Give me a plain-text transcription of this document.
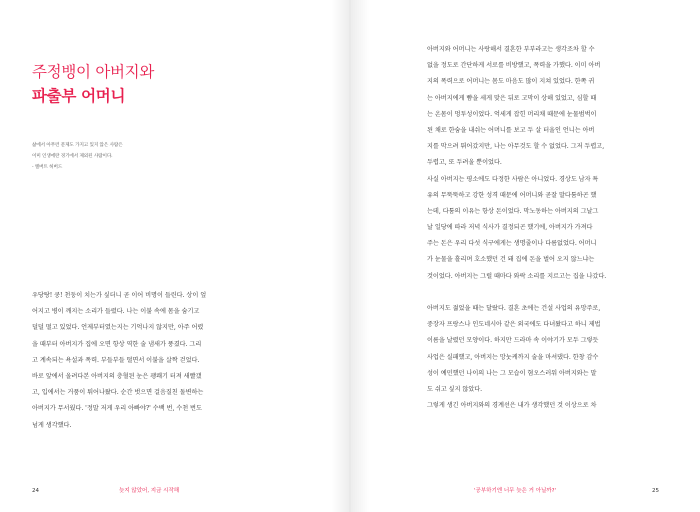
주정뱅이 아버지와
파출부 어머니
삶에서 아무런 문제도 가지고 있지 않은 사람은
이미 인생에란 경기에서 제외된 사람이다.
- 엘버트 허버드
우당탕! 쿵! 천둥이 치는가 싶더니 곧 이어 비명이 들린다. 상이 엎
어지고 병이 깨지는 소리가 들렸다. 나는 이불 속에 몸을 숨기고
덜덜 떨고 있었다. 언제부터였는지는 기억나지 않지만, 아주 어렸
을 때부터 아버지가 집에 오면 항상 역한 술 냄새가 풍겼다. 그리
고 계속되는 욕설과 폭력. 부들부들 떨면서 이불을 살짝 걷었다.
바로 앞에서 올려다본 아버지의 충혈된 눈은 괭쾌기 터져 새빨갰
고, 입에서는 거품이 튀어나왔다. 순간 벗으면 걸음질친 돌변하는
아버지가 무서웠다. '정말 저게 우리 아빠야?' 수백 번, 수천 번도
넘게 생각했다.
24	늦지 않았어, 지금 시작해
아버지와 어머니는 사랑해서 결혼한 부부라고는 생각조차 할 수
없을 정도로 간단하게 서로를 비방했고, 폭력을 가했다. 이미 아버
지의 폭력으로 어머니는 몸도 마음도 많이 지쳐 있었다. 한쪽 귀
는 아버지에게 뺨을 세게 맞은 뒤로 고막이 상해 있었고, 심할 때
는 온몸이 멍투성이었다. 억세게 잡힌 머리채 때문에 눈물범벅이
된 채로 한숨을 내쉬는 어머니를 보고 두 살 터울인 언니는 아버
지를 막으려 뛰어갔지만, 나는 아무것도 할 수 없었다. 그저 두렵고,
두렵고, 또 두려울 뿐이었다.
사실 아버지는 평소에도 다정한 사람은 아니었다. 경상도 남자 특
유의 무뚝뚝하고 강한 성격 때문에 어머니와 곧잘 말다툼하곤 했
는데, 다툼의 이유는 항상 돈이었다. 막노동하는 아버지의 그날그
날 일당에 따라 저녁 식사가 결정되곤 했기에, 아버지가 가져다
주는 돈은 우리 다섯 식구에게는 생명줄이나 다름없었다. 어머니
가 눈물을 흘리며 호소했던 건 돼 집에 돈을 벌어 오지 않느냐는
것이었다. 아버지는 그럴 때마다 와락 소리를 지르고는 집을 나갔다.
아버지도 젊었을 때는 달랐다. 결혼 초에는 건설 사업의 유망주로,
중장자 프랑스나 인도네시아 같은 외국에도 다녀왔다고 하니 제법
이름을 날렸던 모양이다. 하지만 드라마 속 이야기가 모두 그렇듯
사업은 실패했고, 아버지는 망눗케까지 술을 마셔댔다. 한창 감수
성이 예민했던 나이의 나는 그 모습이 혐오스러워 아버지와는 말
도 쉬고 싶지 않았다.
그렇게 생긴 아버지와의 경계선은 내가 생각했던 것 이상으로 차
'공부하기엔 너무 늦은 거 아닐까?'	25
